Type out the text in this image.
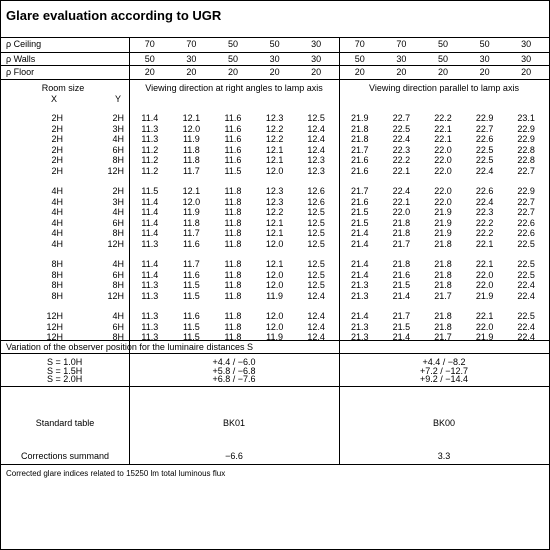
Glare evaluation according to UGR
ρ Ceiling	70	70	50	50	30	70	70	50	50	30
ρ Walls	50	30	50	30	30	50	30	50	30	30
ρ Floor	20	20	20	20	20	20	20	20	20	20
Room size
X	Y
Viewing direction at right angles to lamp axis	Viewing direction parallel to lamp axis
2H	2H	11.4	12.1	11.6	12.3	12.5	21.9	22.7	22.2	22.9	23.1
2H	3H	11.3	12.0	11.6	12.2	12.4	21.8	22.5	22.1	22.7	22.9
2H	4H	11.3	11.9	11.6	12.2	12.4	21.8	22.4	22.1	22.6	22.9
2H	6H	11.2	11.8	11.6	12.1	12.4	21.7	22.3	22.0	22.5	22.8
2H	8H	11.2	11.8	11.6	12.1	12.3	21.6	22.2	22.0	22.5	22.8
2H	12H	11.2	11.7	11.5	12.0	12.3	21.6	22.1	22.0	22.4	22.7
4H	2H	11.5	12.1	11.8	12.3	12.6	21.7	22.4	22.0	22.6	22.9
4H	3H	11.4	12.0	11.8	12.3	12.6	21.6	22.1	22.0	22.4	22.7
4H	4H	11.4	11.9	11.8	12.2	12.5	21.5	22.0	21.9	22.3	22.7
4H	6H	11.4	11.8	11.8	12.1	12.5	21.5	21.8	21.9	22.2	22.6
4H	8H	11.4	11.7	11.8	12.1	12.5	21.4	21.8	21.9	22.2	22.6
4H	12H	11.3	11.6	11.8	12.0	12.5	21.4	21.7	21.8	22.1	22.5
8H	4H	11.4	11.7	11.8	12.1	12.5	21.4	21.8	21.8	22.1	22.5
8H	6H	11.4	11.6	11.8	12.0	12.5	21.4	21.6	21.8	22.0	22.5
8H	8H	11.3	11.5	11.8	12.0	12.5	21.3	21.5	21.8	22.0	22.4
8H	12H	11.3	11.5	11.8	11.9	12.4	21.3	21.4	21.7	21.9	22.4
12H	4H	11.3	11.6	11.8	12.0	12.4	21.4	21.7	21.8	22.1	22.5
12H	6H	11.3	11.5	11.8	12.0	12.4	21.3	21.5	21.8	22.0	22.4
12H	8H	11.3	11.5	11.8	11.9	12.4	21.3	21.4	21.7	21.9	22.4
Variation of the observer position for the luminaire distances S
S = 1.0H	+4.4 / −6.0	+4.4 / −8.2
S = 1.5H	+5.8 / −6.8	+7.2 / −12.7
S = 2.0H	+6.8 / −7.6	+9.2 / −14.4
Standard table	BK01	BK00
Corrections summand	−6.6	3.3
Corrected glare indices related to 15250 lm total luminous flux
